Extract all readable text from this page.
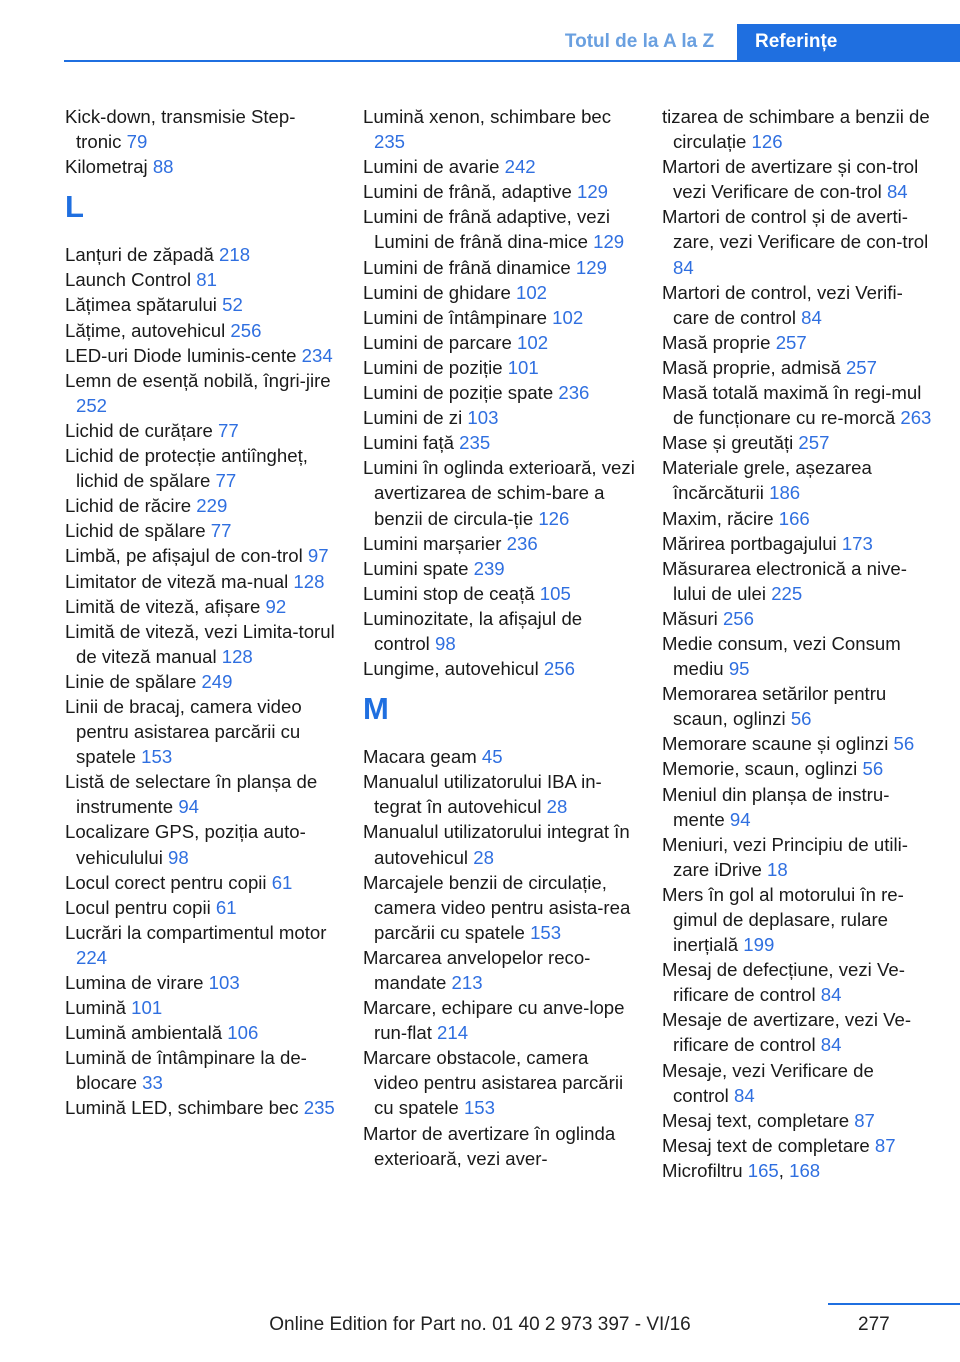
Totul de la A la Z	Referințe
Kick-down, transmisie Step-tronic 79
Kilometraj 88
L
Lanțuri de zăpadă 218
Launch Control 81
Lățimea spătarului 52
Lățime, autovehicul 256
LED-uri Diode luminis-cente 234
Lemn de esență nobilă, îngri-jire 252
Lichid de curățare 77
Lichid de protecție antiîngheț, lichid de spălare 77
Lichid de răcire 229
Lichid de spălare 77
Limbă, pe afișajul de con-trol 97
Limitator de viteză ma-nual 128
Limită de viteză, afișare 92
Limită de viteză, vezi Limita-torul de viteză manual 128
Linie de spălare 249
Linii de bracaj, camera video pentru asistarea parcării cu spatele 153
Listă de selectare în planșa de instrumente 94
Localizare GPS, poziția auto-vehiculului 98
Locul corect pentru copii 61
Locul pentru copii 61
Lucrări la compartimentul motor 224
Lumina de virare 103
Lumină 101
Lumină ambientală 106
Lumină de întâmpinare la de-blocare 33
Lumină LED, schimbare bec 235
Lumină xenon, schimbare bec 235
Lumini de avarie 242
Lumini de frână, adaptive 129
Lumini de frână adaptive, vezi Lumini de frână dina-mice 129
Lumini de frână dinamice 129
Lumini de ghidare 102
Lumini de întâmpinare 102
Lumini de parcare 102
Lumini de poziție 101
Lumini de poziție spate 236
Lumini de zi 103
Lumini față 235
Lumini în oglinda exterioară, vezi avertizarea de schim-bare a benzii de circula-ție 126
Lumini marșarier 236
Lumini spate 239
Lumini stop de ceață 105
Luminozitate, la afișajul de control 98
Lungime, autovehicul 256
M
Macara geam 45
Manualul utilizatorului IBA in-tegrat în autovehicul 28
Manualul utilizatorului integrat în autovehicul 28
Marcajele benzii de circulație, camera video pentru asista-rea parcării cu spatele 153
Marcarea anvelopelor reco-mandate 213
Marcare, echipare cu anve-lope run-flat 214
Marcare obstacole, camera video pentru asistarea parcării cu spatele 153
Martor de avertizare în oglinda exterioară, vezi aver-
tizarea de schimbare a benzii de circulație 126
Martori de avertizare și con-trol vezi Verificare de con-trol 84
Martori de control și de averti-zare, vezi Verificare de con-trol 84
Martori de control, vezi Verifi-care de control 84
Masă proprie 257
Masă proprie, admisă 257
Masă totală maximă în regi-mul de funcționare cu re-morcă 263
Mase și greutăți 257
Materiale grele, așezarea încărcăturii 186
Maxim, răcire 166
Mărirea portbagajului 173
Măsurarea electronică a nive-lului de ulei 225
Măsuri 256
Medie consum, vezi Consum mediu 95
Memorarea setărilor pentru scaun, oglinzi 56
Memorare scaune și oglinzi 56
Memorie, scaun, oglinzi 56
Meniul din planșa de instru-mente 94
Meniuri, vezi Principiu de utili-zare iDrive 18
Mers în gol al motorului în re-gimul de deplasare, rulare inerțială 199
Mesaj de defecțiune, vezi Ve-rificare de control 84
Mesaje de avertizare, vezi Ve-rificare de control 84
Mesaje, vezi Verificare de control 84
Mesaj text, completare 87
Mesaj text de completare 87
Microfiltru 165, 168
277
Online Edition for Part no. 01 40 2 973 397 - VI/16
